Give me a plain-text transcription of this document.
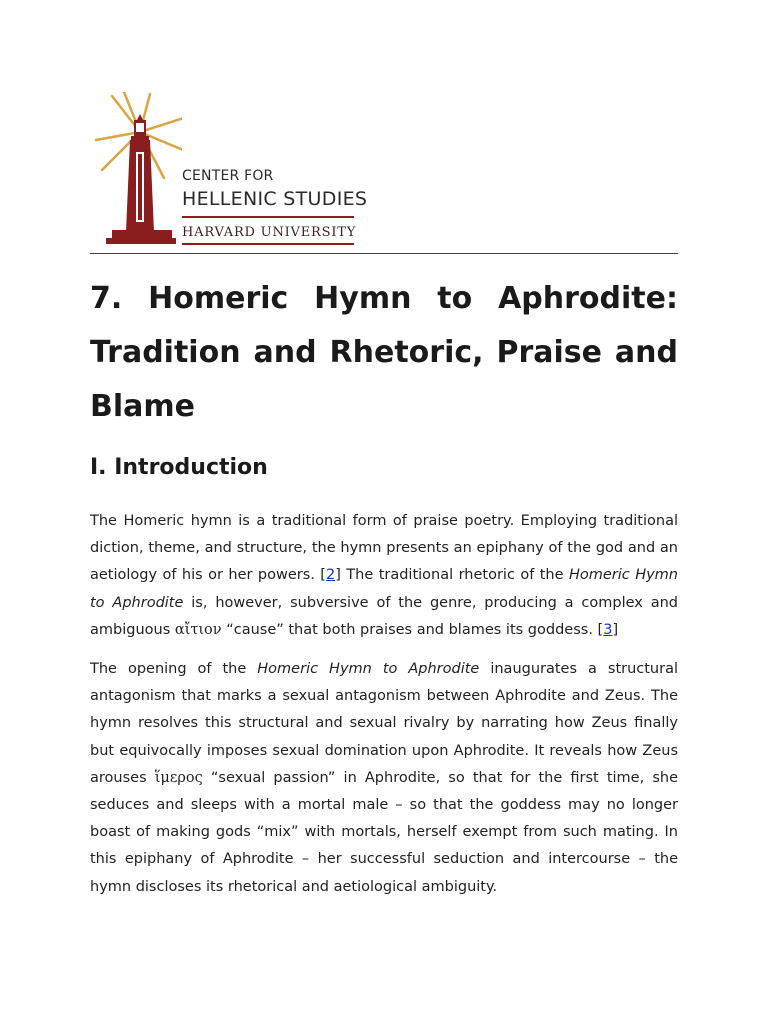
CENTER FOR
HELLENIC STUDIES
HARVARD UNIVERSITY
7. Homeric Hymn to Aphrodite: Tradition and Rhetoric, Praise and Blame
I. Introduction

The Homeric hymn is a traditional form of praise poetry. Employing traditional diction, theme, and structure, the hymn presents an epiphany of the god and an aetiology of his or her powers. [2] The traditional rhetoric of the Homeric Hymn to Aphrodite is, however, subversive of the genre, producing a complex and ambiguous αἴτιον “cause” that both praises and blames its goddess. [3]

The opening of the Homeric Hymn to Aphrodite inaugurates a structural antagonism that marks a sexual antagonism between Aphrodite and Zeus. The hymn resolves this structural and sexual rivalry by narrating how Zeus finally but equivocally imposes sexual domination upon Aphrodite. It reveals how Zeus arouses ἵμερος “sexual passion” in Aphrodite, so that for the first time, she seduces and sleeps with a mortal male – so that the goddess may no longer boast of making gods “mix” with mortals, herself exempt from such mating. In this epiphany of Aphrodite – her successful seduction and intercourse – the hymn discloses its rhetorical and aetiological ambiguity.
